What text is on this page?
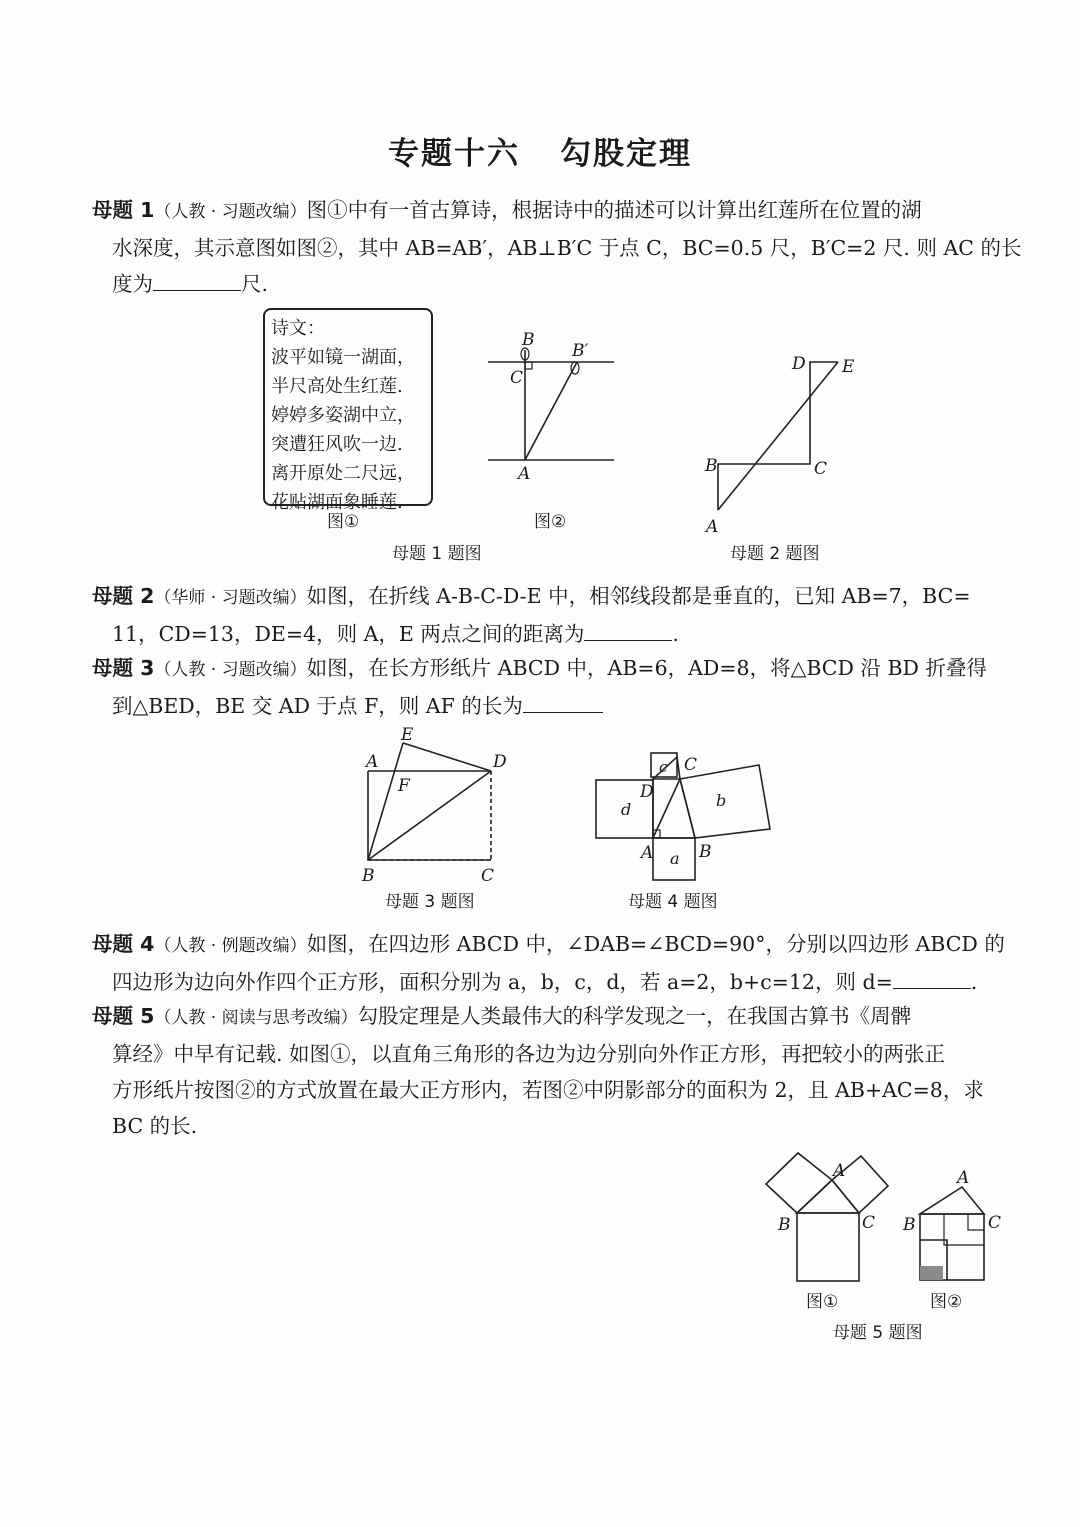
专题十六 勾股定理
母题 1（人教 · 习题改编）图①中有一首古算诗，根据诗中的描述可以计算出红莲所在位置的湖
水深度，其示意图如图②，其中 AB=AB′，AB⊥B′C 于点 C，BC=0.5 尺，B′C=2 尺. 则 AC 的长
度为	尺.
诗文：
波平如镜一湖面，
半尺高处生红莲.
婷婷多姿湖中立，
突遭狂风吹一边.
离开原处二尺远，
花贴湖面象睡莲.
B
B′
C
A
图①	图②
母题 1 题图
D E
B	C
A
母题 2 题图
母题 2（华师 · 习题改编）如图，在折线 A-B-C-D-E 中，相邻线段都是垂直的，已知 AB=7，BC=
11，CD=13，DE=4，则 A，E 两点之间的距离为	.
母题 3（人教 · 习题改编）如图，在长方形纸片 ABCD 中，AB=6，AD=8，将△BCD 沿 BD 折叠得
到△BED，BE 交 AD 于点 F，则 AF 的长为
A
E
D
F
B	C
母题 3 题图
c C
D
d	b
A a B
母题 4 题图
母题 4（人教 · 例题改编）如图，在四边形 ABCD 中，∠DAB=∠BCD=90°，分别以四边形 ABCD 的
四边形为边向外作四个正方形，面积分别为 a，b，c，d，若 a=2，b+c=12，则 d=	.
母题 5（人教 · 阅读与思考改编）勾股定理是人类最伟大的科学发现之一，在我国古算书《周髀
算经》中早有记载. 如图①，以直角三角形的各边为边分别向外作正方形，再把较小的两张正
方形纸片按图②的方式放置在最大正方形内，若图②中阴影部分的面积为 2，且 AB+AC=8，求
BC 的长.
A
B	C
A
B	C
图①	图②
母题 5 题图
